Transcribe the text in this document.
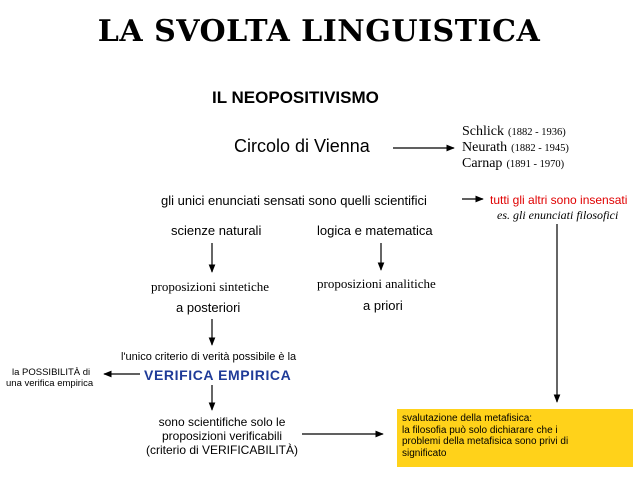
LA SVOLTA LINGUISTICA
IL NEOPOSITIVISMO
Circolo di Vienna
Schlick (1882 - 1936)
Neurath (1882 - 1945)
Carnap (1891 - 1970)
gli unici enunciati sensati sono quelli scientifici	tutti gli altri sono insensati
es. gli enunciati filosofici
scienze naturali	logica e matematica
proposizioni sintetiche
a posteriori
proposizioni analitiche
a priori
l'unico criterio di verità possibile è la
VERIFICA EMPIRICA
la POSSIBILITÀ di
una verifica empirica
sono scientifiche solo le
proposizioni verificabili
(criterio di VERIFICABILITÀ)
svalutazione della metafisica:
la filosofia può solo dichiarare che i
problemi della metafisica sono privi di
significato
